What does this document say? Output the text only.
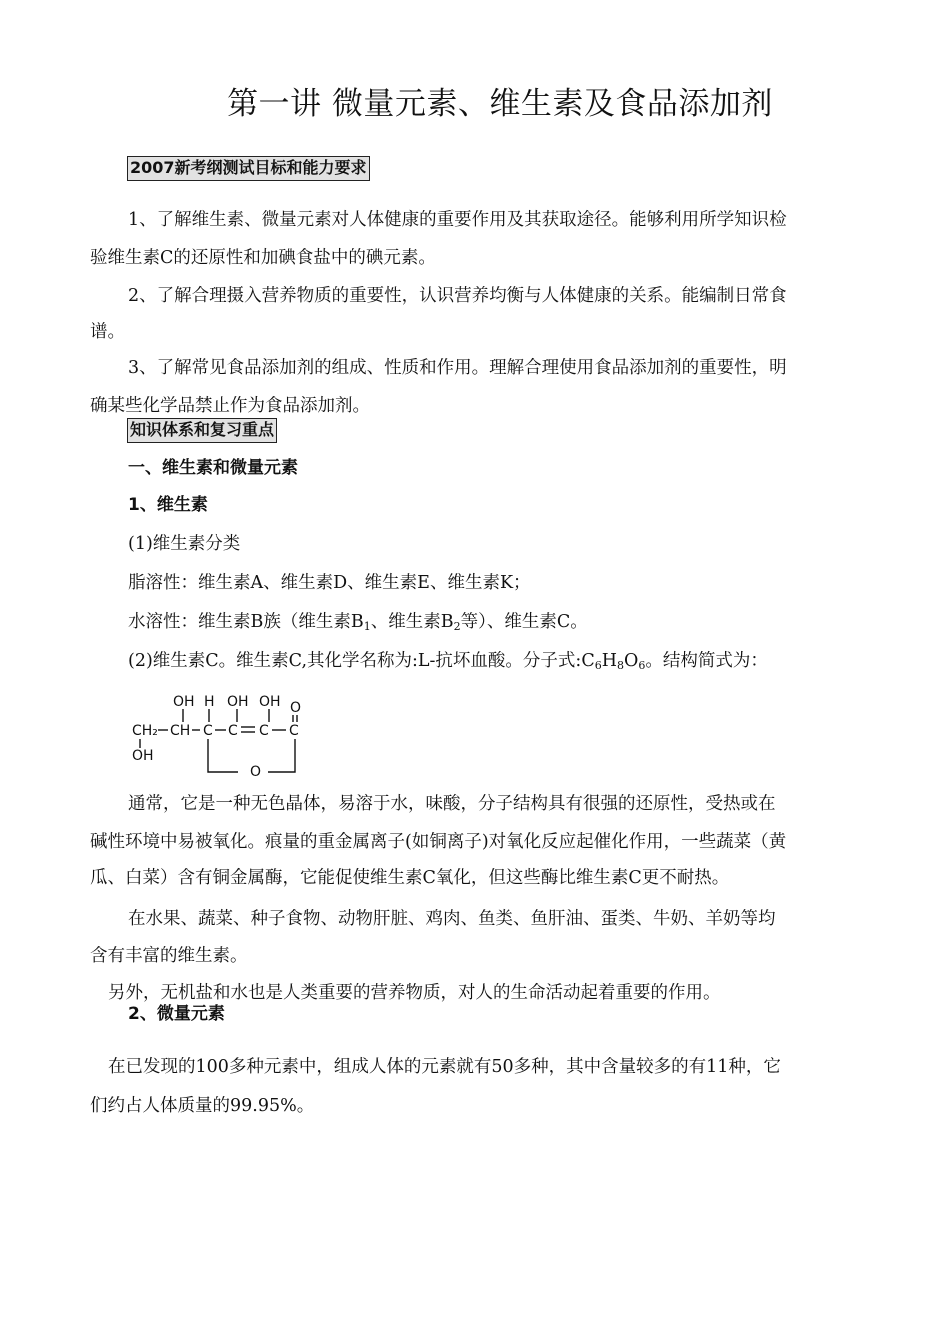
第一讲 微量元素、维生素及食品添加剂
2007新考纲测试目标和能力要求
1、了解维生素、微量元素对人体健康的重要作用及其获取途径。能够利用所学知识检
验维生素C的还原性和加碘食盐中的碘元素。
2、了解合理摄入营养物质的重要性，认识营养均衡与人体健康的关系。能编制日常食
谱。
3、了解常见食品添加剂的组成、性质和作用。理解合理使用食品添加剂的重要性，明
确某些化学品禁止作为食品添加剂。
知识体系和复习重点
一、维生素和微量元素
1、维生素
(1)维生素分类
脂溶性：维生素A、维生素D、维生素E、维生素K；
水溶性：维生素B族（维生素$B_1$、维生素$B_2$等）、维生素C。
(2)维生素C。维生素C,其化学名称为:L-抗坏血酸。分子式$:C_6H_8O_6$。结构简式为：
OH H OH OH O
CH₂ CH C C C C
OH
O
通常，它是一种无色晶体，易溶于水，味酸，分子结构具有很强的还原性，受热或在
碱性环境中易被氧化。痕量的重金属离子(如铜离子)对氧化反应起催化作用，一些蔬菜（黄
瓜、白菜）含有铜金属酶，它能促使维生素C氧化，但这些酶比维生素C更不耐热。
在水果、蔬菜、种子食物、动物肝脏、鸡肉、鱼类、鱼肝油、蛋类、牛奶、羊奶等均
含有丰富的维生素。
另外，无机盐和水也是人类重要的营养物质，对人的生命活动起着重要的作用。
2、微量元素
在已发现的100多种元素中，组成人体的元素就有50多种，其中含量较多的有11种，它
们约占人体质量的99.95%。
